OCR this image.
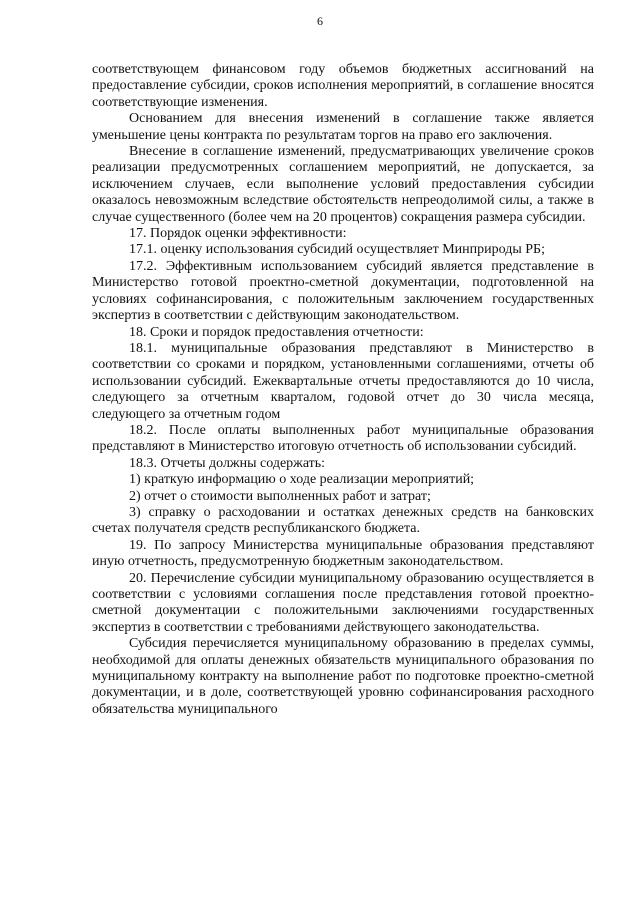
6

соответствующем финансовом году объемов бюджетных ассигнований на предоставление субсидии, сроков исполнения мероприятий, в соглашение вносятся соответствующие изменения.

Основанием для внесения изменений в соглашение также является уменьшение цены контракта по результатам торгов на право его заключения.

Внесение в соглашение изменений, предусматривающих увеличение сроков реализации предусмотренных соглашением мероприятий, не допускается, за исключением случаев, если выполнение условий предоставления субсидии оказалось невозможным вследствие обстоятельств непреодолимой силы, а также в случае существенного (более чем на 20 процентов) сокращения размера субсидии.

17. Порядок оценки эффективности:

17.1. оценку использования субсидий осуществляет Минприроды РБ;

17.2. Эффективным использованием субсидий является представление в Министерство готовой проектно-сметной документации, подготовленной на условиях софинансирования, с положительным заключением государственных экспертиз в соответствии с действующим законодательством.

18. Сроки и порядок предоставления отчетности:

18.1. муниципальные образования представляют в Министерство в соответствии со сроками и порядком, установленными соглашениями, отчеты об использовании субсидий. Ежеквартальные отчеты предоставляются до 10 числа, следующего за отчетным кварталом, годовой отчет до 30 числа месяца, следующего за отчетным годом

18.2. После оплаты выполненных работ муниципальные образования представляют в Министерство итоговую отчетность об использовании субсидий.

18.3. Отчеты должны содержать:

1) краткую информацию о ходе реализации мероприятий;

2) отчет о стоимости выполненных работ и затрат;

3) справку о расходовании и остатках денежных средств на банковских счетах получателя средств республиканского бюджета.

19. По запросу Министерства муниципальные образования представляют иную отчетность, предусмотренную бюджетным законодательством.

20. Перечисление субсидии муниципальному образованию осуществляется в соответствии с условиями соглашения после представления готовой проектно-сметной документации с положительными заключениями государственных экспертиз в соответствии с требованиями действующего законодательства.

Субсидия перечисляется муниципальному образованию в пределах суммы, необходимой для оплаты денежных обязательств муниципального образования по муниципальному контракту на выполнение работ по подготовке проектно-сметной документации, и в доле, соответствующей уровню софинансирования расходного обязательства муниципального
